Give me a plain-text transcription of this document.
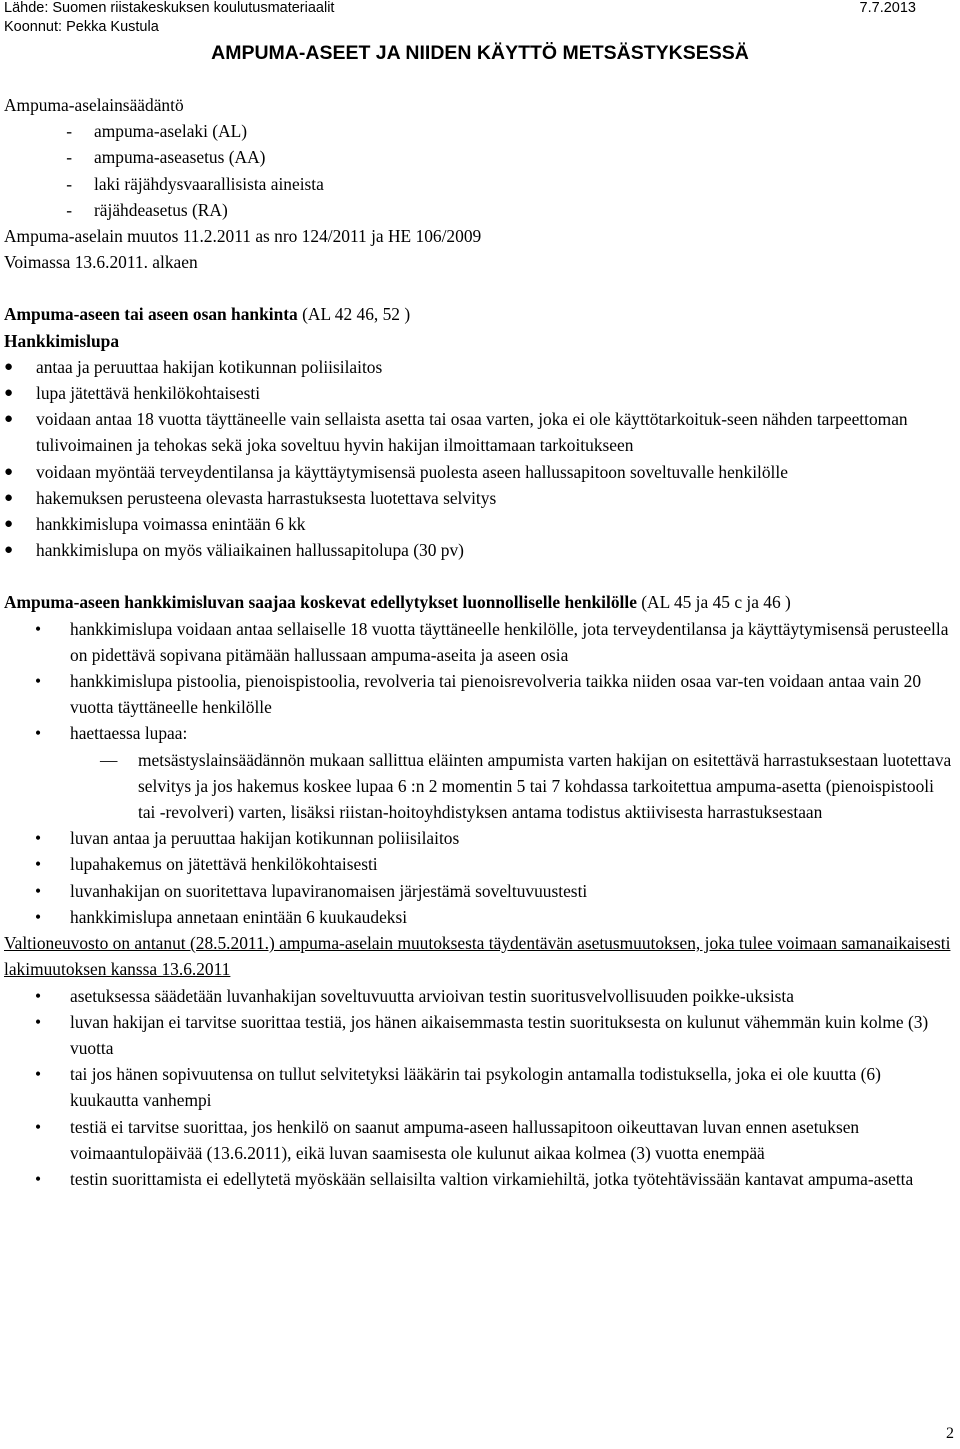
Lähde: Suomen riistakeskuksen koulutusmateriaalit
Koonnut: Pekka Kustula
7.7.2013
AMPUMA-ASEET JA NIIDEN KÄYTTÖ METSÄSTYKSESSÄ

Ampuma-aselainsäädäntö

-	ampuma-aselaki (AL)
-	ampuma-aseasetus (AA)
-	laki räjähdysvaarallisista aineista
-	räjähdeasetus (RA)

Ampuma-aselain muutos 11.2.2011 as nro 124/2011 ja HE 106/2009

Voimassa 13.6.2011. alkaen

Ampuma-aseen tai aseen osan hankinta (AL 42 46, 52 )

Hankkimislupa

●	antaa ja peruuttaa hakijan kotikunnan poliisilaitos
●	lupa jätettävä henkilökohtaisesti
●	voidaan antaa 18 vuotta täyttäneelle vain sellaista asetta tai osaa varten, joka ei ole käyttötarkoituk-seen nähden tarpeettoman tulivoimainen ja tehokas sekä joka soveltuu hyvin hakijan ilmoittamaan tarkoitukseen
●	voidaan myöntää terveydentilansa ja käyttäytymisensä puolesta aseen hallussapitoon soveltuvalle henkilölle
●	hakemuksen perusteena olevasta harrastuksesta luotettava selvitys
●	hankkimislupa voimassa enintään 6 kk
●	hankkimislupa on myös väliaikainen hallussapitolupa (30 pv)

Ampuma-aseen hankkimisluvan saajaa koskevat edellytykset luonnolliselle henkilölle (AL 45 ja 45 c ja 46 )

•	hankkimislupa voidaan antaa sellaiselle 18 vuotta täyttäneelle henkilölle, jota terveydentilansa ja käyttäytymisensä perusteella on pidettävä sopivana pitämään hallussaan ampuma-aseita ja aseen osia
•	hankkimislupa pistoolia, pienoispistoolia, revolveria tai pienoisrevolveria taikka niiden osaa var-ten voidaan antaa vain 20 vuotta täyttäneelle henkilölle
•	haettaessa lupaa:
—	metsästyslainsäädännön mukaan sallittua eläinten ampumista varten hakijan on esitettävä harrastuksestaan luotettava selvitys ja jos hakemus koskee lupaa 6 :n 2 momentin 5 tai 7 kohdassa tarkoitettua ampuma-asetta (pienoispistooli tai -revolveri) varten, lisäksi riistan-hoitoyhdistyksen antama todistus aktiivisesta harrastuksestaan
•	luvan antaa ja peruuttaa hakijan kotikunnan poliisilaitos
•	lupahakemus on jätettävä henkilökohtaisesti
•	luvanhakijan on suoritettava lupaviranomaisen järjestämä soveltuvuustesti
•	hankkimislupa annetaan enintään 6 kuukaudeksi

Valtioneuvosto on antanut (28.5.2011.) ampuma-aselain muutoksesta täydentävän asetusmuutoksen, joka tulee voimaan samanaikaisesti lakimuutoksen kanssa 13.6.2011

•	asetuksessa säädetään luvanhakijan soveltuvuutta arvioivan testin suoritusvelvollisuuden poikke-uksista
•	luvan hakijan ei tarvitse suorittaa testiä, jos hänen aikaisemmasta testin suorituksesta on kulunut vähemmän kuin kolme (3) vuotta
•	tai jos hänen sopivuutensa on tullut selvitetyksi lääkärin tai psykologin antamalla todistuksella, joka ei ole kuutta (6) kuukautta vanhempi
•	testiä ei tarvitse suorittaa, jos henkilö on saanut ampuma-aseen hallussapitoon oikeuttavan luvan ennen asetuksen voimaantulopäivää (13.6.2011), eikä luvan saamisesta ole kulunut aikaa kolmea (3) vuotta enempää
•	testin suorittamista ei edellytetä myöskään sellaisilta valtion virkamiehiltä, jotka työtehtävissään kantavat ampuma-asetta
2
